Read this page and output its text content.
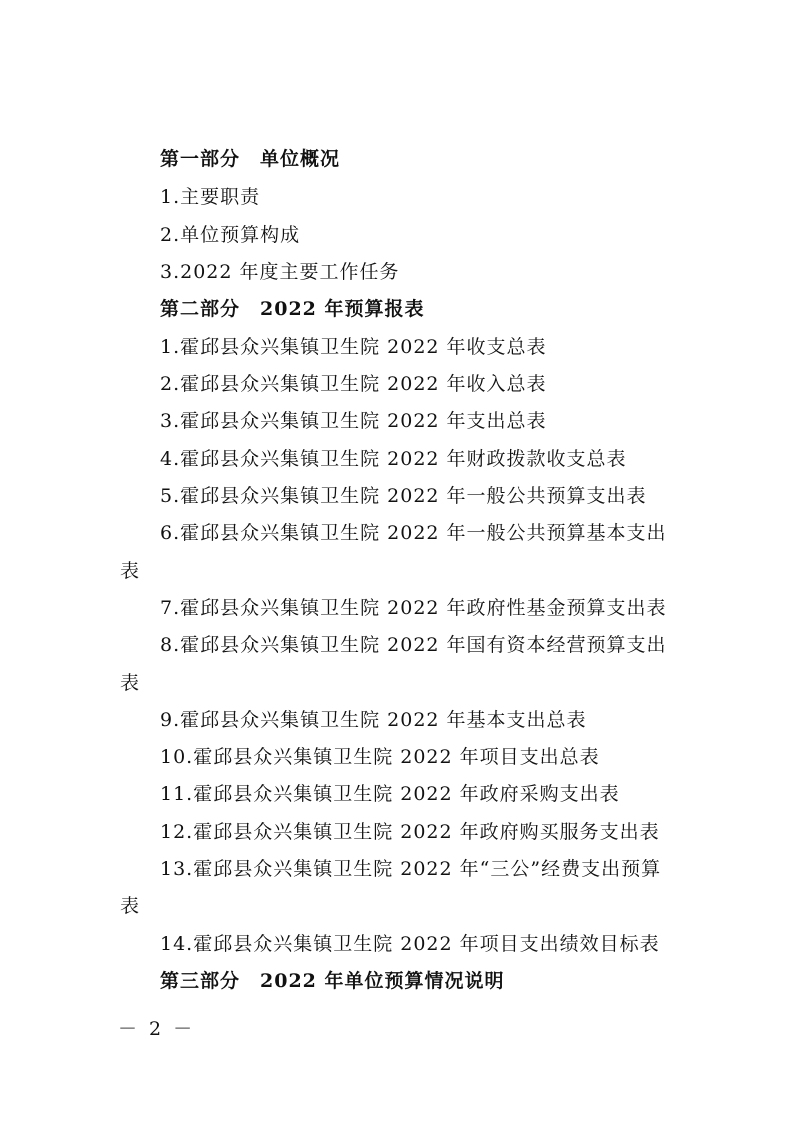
第一部分　单位概况
1.主要职责
2.单位预算构成
3.2022 年度主要工作任务
第二部分　2022 年预算报表
1.霍邱县众兴集镇卫生院 2022 年收支总表
2.霍邱县众兴集镇卫生院 2022 年收入总表
3.霍邱县众兴集镇卫生院 2022 年支出总表
4.霍邱县众兴集镇卫生院 2022 年财政拨款收支总表
5.霍邱县众兴集镇卫生院 2022 年一般公共预算支出表
6.霍邱县众兴集镇卫生院 2022 年一般公共预算基本支出
表
7.霍邱县众兴集镇卫生院 2022 年政府性基金预算支出表
8.霍邱县众兴集镇卫生院 2022 年国有资本经营预算支出
表
9.霍邱县众兴集镇卫生院 2022 年基本支出总表
10.霍邱县众兴集镇卫生院 2022 年项目支出总表
11.霍邱县众兴集镇卫生院 2022 年政府采购支出表
12.霍邱县众兴集镇卫生院 2022 年政府购买服务支出表
13.霍邱县众兴集镇卫生院 2022 年“三公”经费支出预算
表
14.霍邱县众兴集镇卫生院 2022 年项目支出绩效目标表
第三部分　2022 年单位预算情况说明
－ 2 －
